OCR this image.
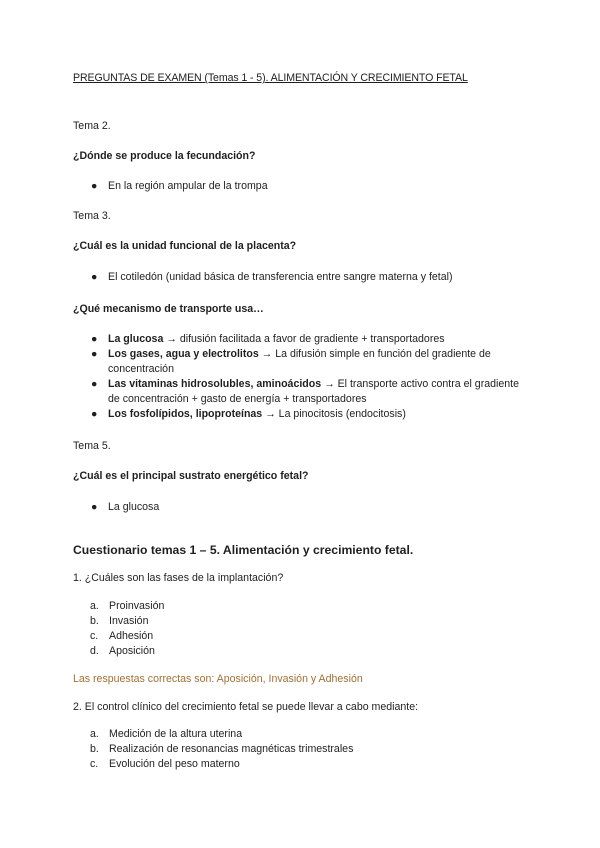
PREGUNTAS DE EXAMEN (Temas 1 - 5). ALIMENTACIÓN Y CRECIMIENTO FETAL
Tema 2.
¿Dónde se produce la fecundación?
● En la región ampular de la trompa
Tema 3.
¿Cuál es la unidad funcional de la placenta?
● El cotiledón (unidad básica de transferencia entre sangre materna y fetal)
¿Qué mecanismo de transporte usa…
● La glucosa → difusión facilitada a favor de gradiente + transportadores
● Los gases, agua y electrolitos → La difusión simple en función del gradiente de
concentración
● Las vitaminas hidrosolubles, aminoácidos → El transporte activo contra el gradiente
de concentración + gasto de energía + transportadores
● Los fosfolípidos, lipoproteínas → La pinocitosis (endocitosis)
Tema 5.
¿Cuál es el principal sustrato energético fetal?
● La glucosa
Cuestionario temas 1 – 5. Alimentación y crecimiento fetal.
1. ¿Cuáles son las fases de la implantación?
a. Proinvasión
b. Invasión
c. Adhesión
d. Aposición
Las respuestas correctas son: Aposición, Invasión y Adhesión
2. El control clínico del crecimiento fetal se puede llevar a cabo mediante:
a. Medición de la altura uterina
b. Realización de resonancias magnéticas trimestrales
c. Evolución del peso materno
